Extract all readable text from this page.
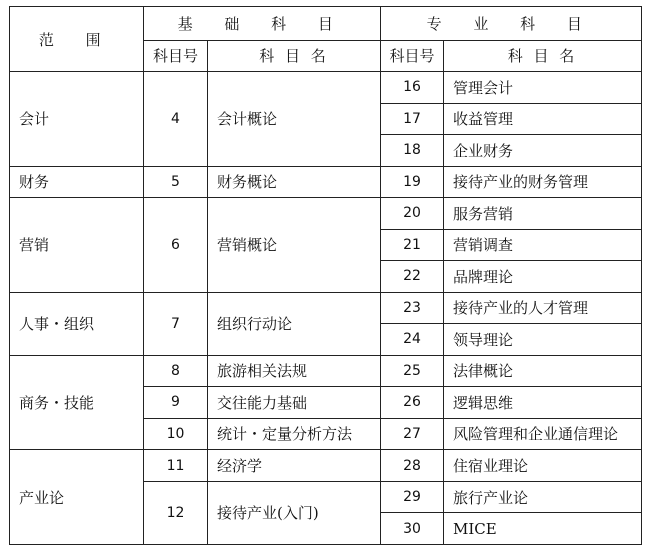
范 围	基 础 科 目		专 业 科 目	
	科目号	科 目 名	科目号	科 目 名
会计	4	会计概论	16	管理会计
			17	收益管理
			18	企业财务
财务	5	财务概论	19	接待产业的财务管理
营销	6	营销概论	20	服务营销
			21	营销调查
			22	品牌理论
人事・组织	7	组织行动论	23	接待产业的人才管理
			24	领导理论
商务・技能	8	旅游相关法规	25	法律概论
	9	交往能力基础	26	逻辑思维
	10	统计・定量分析方法	27	风险管理和企业通信理论
产业论	11	经济学	28	住宿业理论
	12	接待产业(入门)	29	旅行产业论
			30	MICE
